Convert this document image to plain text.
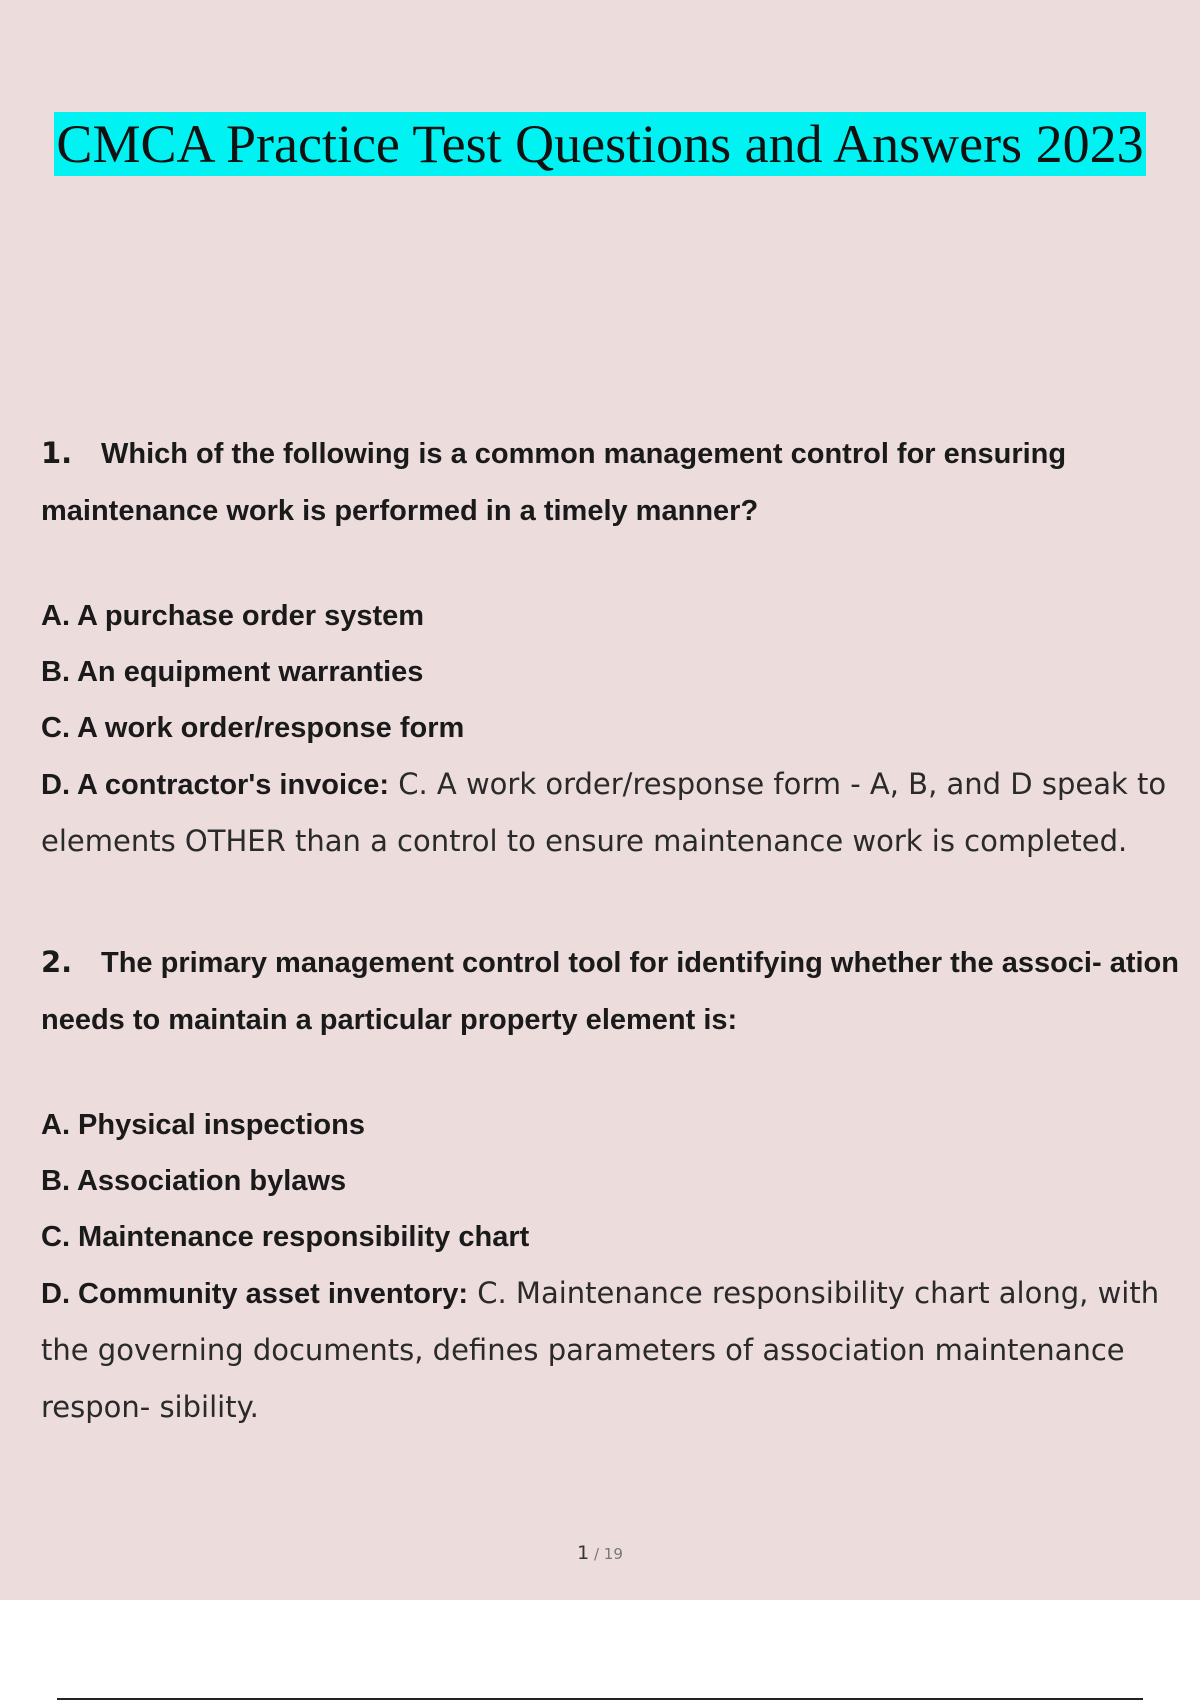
CMCA Practice Test Questions and Answers 2023
1. Which of the following is a common management control for ensuring maintenance work is performed in a timely manner?
A. A purchase order system
B. An equipment warranties
C. A work order/response form
D. A contractor's invoice: C. A work order/response form - A, B, and D speak to elements OTHER than a control to ensure maintenance work is completed.
2. The primary management control tool for identifying whether the associ- ation needs to maintain a particular property element is:
A. Physical inspections
B. Association bylaws
C. Maintenance responsibility chart
D. Community asset inventory: C. Maintenance responsibility chart along, with the governing documents, defines parameters of association maintenance respon- sibility.
1 / 19
